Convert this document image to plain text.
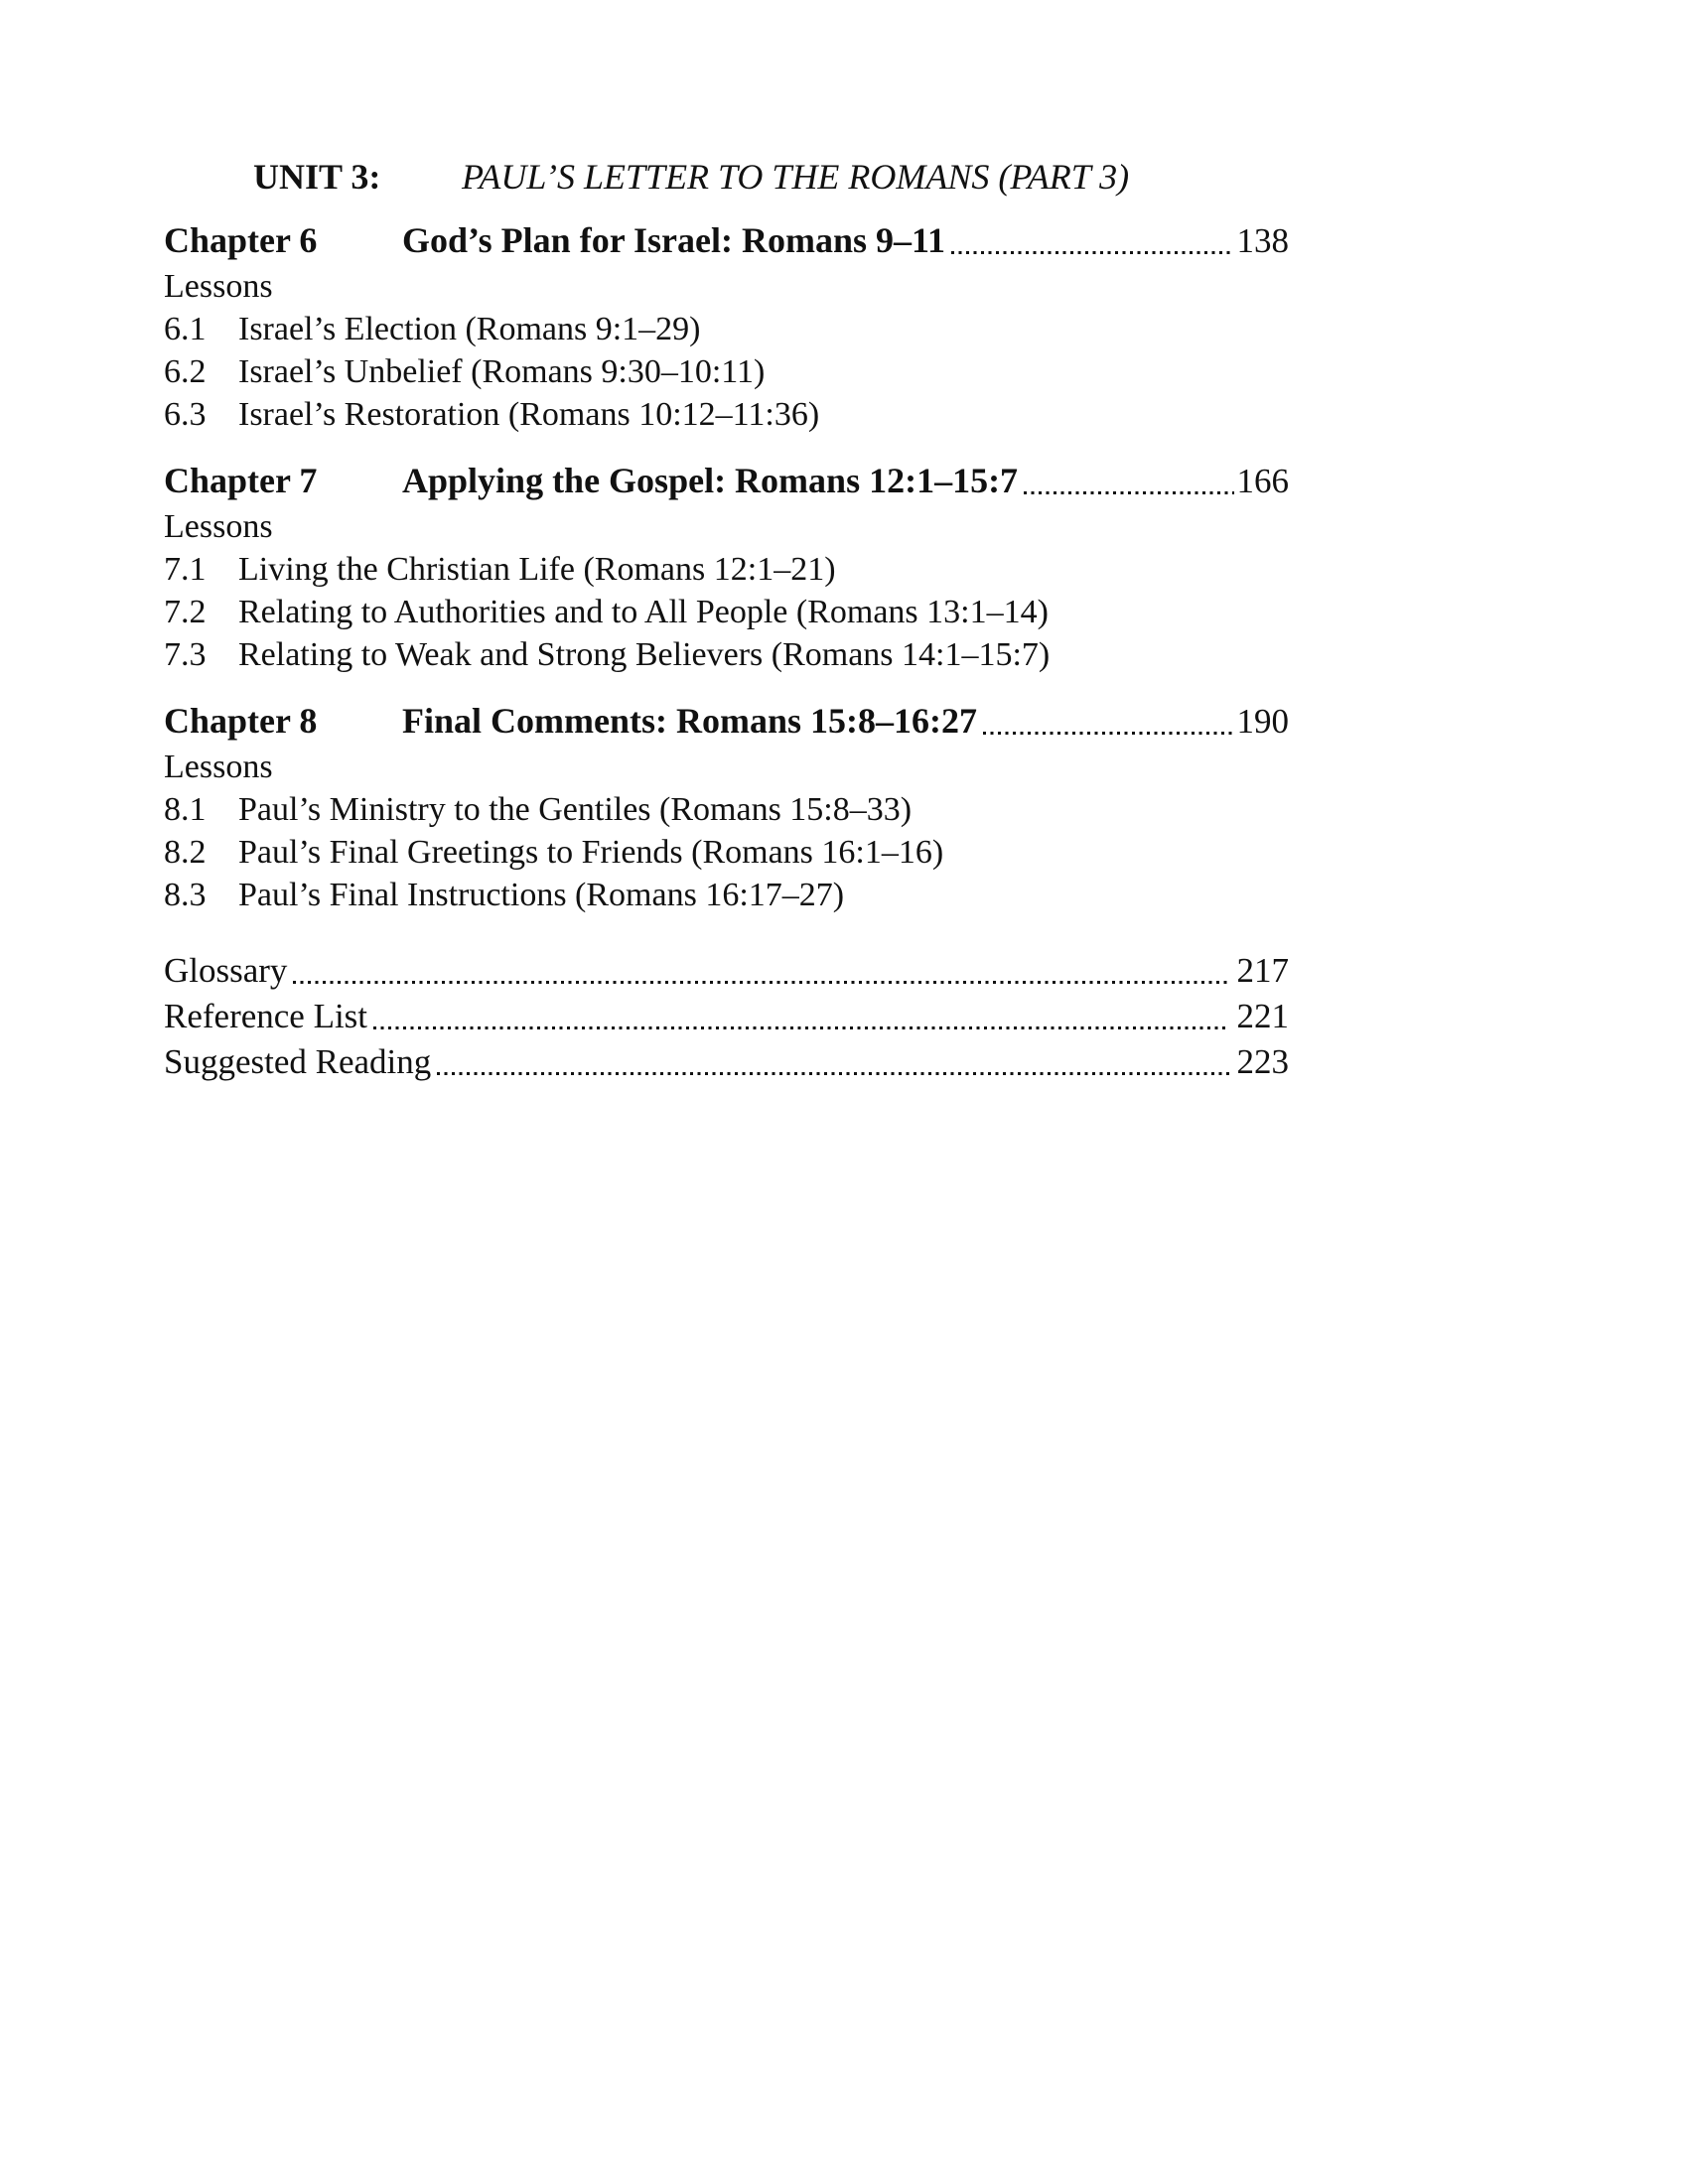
UNIT 3:	PAUL’S LETTER TO THE ROMANS (PART 3)
Chapter 6	God’s Plan for Israel: Romans 9–11	138
Lessons
6.1 Israel’s Election (Romans 9:1–29)
6.2 Israel’s Unbelief (Romans 9:30–10:11)
6.3 Israel’s Restoration (Romans 10:12–11:36)
Chapter 7	Applying the Gospel: Romans 12:1–15:7	166
Lessons
7.1 Living the Christian Life (Romans 12:1–21)
7.2 Relating to Authorities and to All People (Romans 13:1–14)
7.3 Relating to Weak and Strong Believers (Romans 14:1–15:7)
Chapter 8	Final Comments: Romans 15:8–16:27	190
Lessons
8.1 Paul’s Ministry to the Gentiles (Romans 15:8–33)
8.2 Paul’s Final Greetings to Friends (Romans 16:1–16)
8.3 Paul’s Final Instructions (Romans 16:17–27)
Glossary	217
Reference List	221
Suggested Reading	223
